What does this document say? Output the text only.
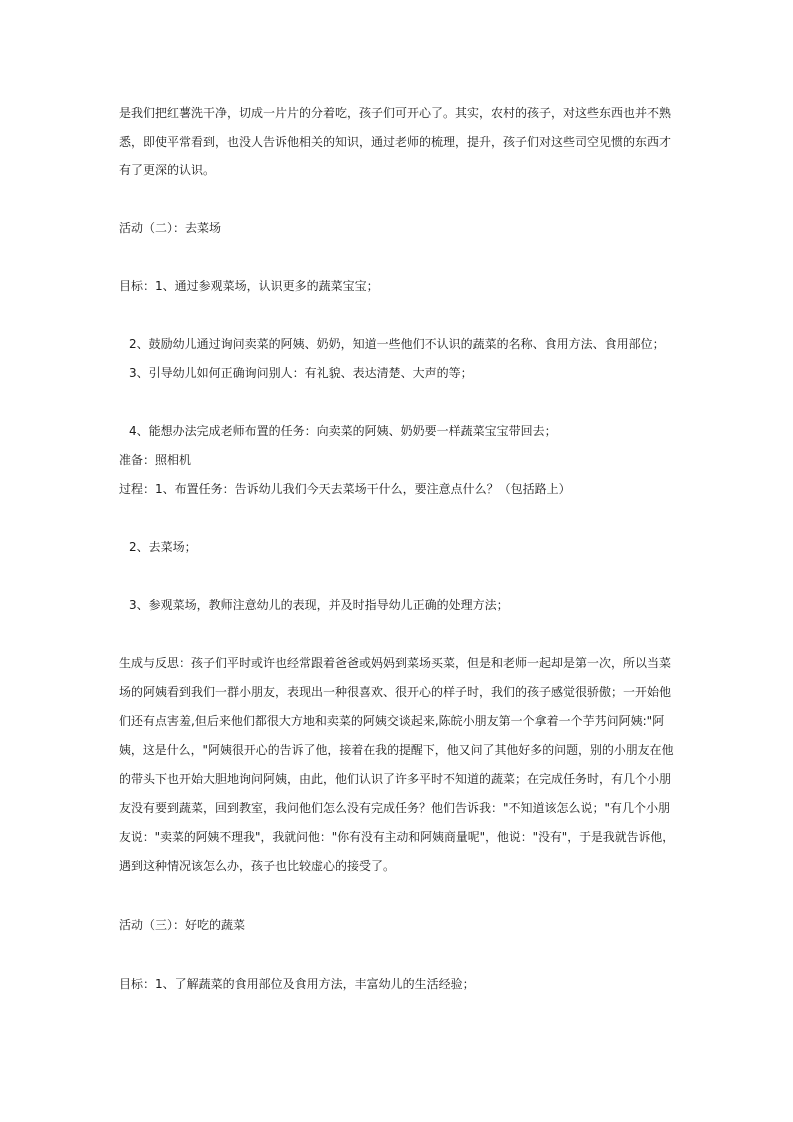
是我们把红薯洗干净，切成一片片的分着吃，孩子们可开心了。其实，农村的孩子，对这些东西也并不熟
悉，即使平常看到，也没人告诉他相关的知识，通过老师的梳理，提升，孩子们对这些司空见惯的东西才
有了更深的认识。
活动（二）：去菜场
目标：1、通过参观菜场，认识更多的蔬菜宝宝；
2、鼓励幼儿通过询问卖菜的阿姨、奶奶，知道一些他们不认识的蔬菜的名称、食用方法、食用部位；
3、引导幼儿如何正确询问别人：有礼貌、表达清楚、大声的等；
4、能想办法完成老师布置的任务：向卖菜的阿姨、奶奶要一样蔬菜宝宝带回去；
准备：照相机
过程：1、布置任务：告诉幼儿我们今天去菜场干什么，要注意点什么？（包括路上）
2、去菜场；
3、参观菜场，教师注意幼儿的表现，并及时指导幼儿正确的处理方法；
生成与反思：孩子们平时或许也经常跟着爸爸或妈妈到菜场买菜，但是和老师一起却是第一次，所以当菜
场的阿姨看到我们一群小朋友，表现出一种很喜欢、很开心的样子时，我们的孩子感觉很骄傲；一开始他
们还有点害羞,但后来他们都很大方地和卖菜的阿姨交谈起来,陈皖小朋友第一个拿着一个芋艿问阿姨:"阿
姨，这是什么，"阿姨很开心的告诉了他，接着在我的提醒下，他又问了其他好多的问题，别的小朋友在他
的带头下也开始大胆地询问阿姨，由此，他们认识了许多平时不知道的蔬菜；在完成任务时，有几个小朋
友没有要到蔬菜，回到教室，我问他们怎么没有完成任务？他们告诉我："不知道该怎么说；"有几个小朋
友说："卖菜的阿姨不理我"，我就问他："你有没有主动和阿姨商量呢"，他说："没有"，于是我就告诉他，
遇到这种情况该怎么办，孩子也比较虚心的接受了。
活动（三）：好吃的蔬菜
目标：1、了解蔬菜的食用部位及食用方法，丰富幼儿的生活经验；
